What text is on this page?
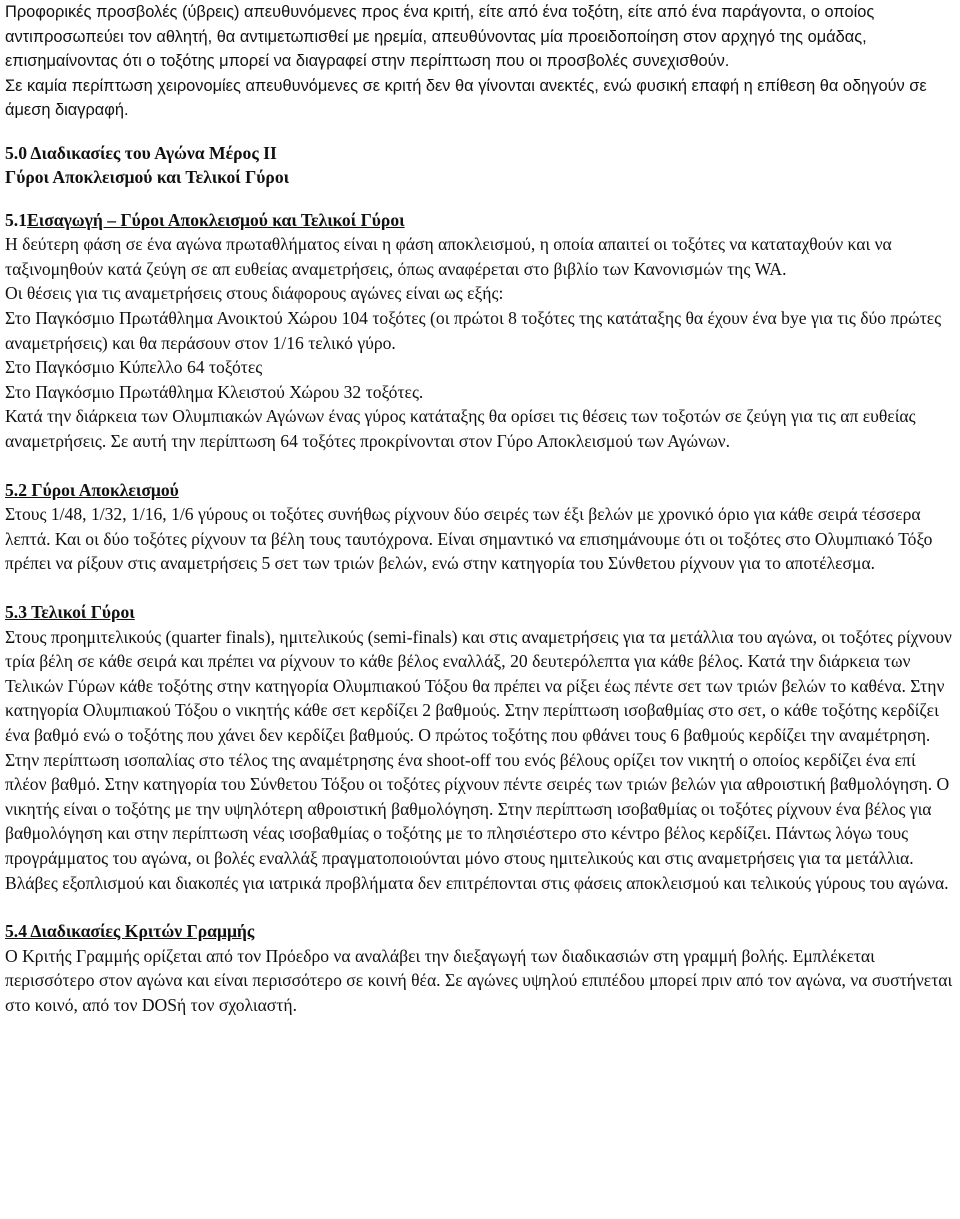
Προφορικές προσβολές (ύβρεις) απευθυνόμενες προς ένα κριτή, είτε από ένα τοξότη, είτε από ένα παράγοντα, ο οποίος αντιπροσωπεύει τον αθλητή, θα αντιμετωπισθεί με ηρεμία, απευθύνοντας μία προειδοποίηση στον αρχηγό της ομάδας, επισημαίνοντας ότι ο τοξότης μπορεί να διαγραφεί στην περίπτωση που οι προσβολές συνεχισθούν.

Σε καμία περίπτωση χειρονομίες απευθυνόμενες σε κριτή δεν θα γίνονται ανεκτές, ενώ φυσική επαφή η επίθεση θα οδηγούν σε άμεση διαγραφή.

5.0 Διαδικασίες του Αγώνα Μέρος ΙΙ

Γύροι Αποκλεισμού και Τελικοί Γύροι

5.1Εισαγωγή – Γύροι Αποκλεισμού και Τελικοί Γύροι

Η δεύτερη φάση σε ένα αγώνα πρωταθλήματος είναι η φάση αποκλεισμού, η οποία απαιτεί οι τοξότες να καταταχθούν και να ταξινομηθούν κατά ζεύγη σε απ ευθείας αναμετρήσεις, όπως αναφέρεται στο βιβλίο των Κανονισμών της WA.

Οι θέσεις για τις αναμετρήσεις στους διάφορους αγώνες είναι ως εξής:

Στο Παγκόσμιο Πρωτάθλημα Ανοικτού Χώρου 104 τοξότες (οι πρώτοι 8 τοξότες της κατάταξης θα έχουν ένα bye για τις δύο πρώτες αναμετρήσεις) και θα περάσουν στον 1/16 τελικό γύρο.

Στο Παγκόσμιο Κύπελλο 64 τοξότες

Στο Παγκόσμιο Πρωτάθλημα Κλειστού Χώρου 32 τοξότες.

Κατά την διάρκεια των Ολυμπιακών Αγώνων ένας γύρος κατάταξης θα ορίσει τις θέσεις των τοξοτών σε ζεύγη για τις απ ευθείας αναμετρήσεις. Σε αυτή την περίπτωση 64 τοξότες προκρίνονται στον Γύρο Αποκλεισμού των Αγώνων.

5.2 Γύροι Αποκλεισμού

Στους 1/48, 1/32, 1/16, 1/6 γύρους οι τοξότες συνήθως ρίχνουν δύο σειρές των έξι βελών με χρονικό όριο για κάθε σειρά τέσσερα λεπτά. Και οι δύο τοξότες ρίχνουν τα βέλη τους ταυτόχρονα. Είναι σημαντικό να επισημάνουμε ότι οι τοξότες στο Ολυμπιακό Τόξο πρέπει να ρίξουν στις αναμετρήσεις 5 σετ των τριών βελών, ενώ στην κατηγορία του Σύνθετου ρίχνουν για το αποτέλεσμα.

5.3 Τελικοί Γύροι

Στους προημιτελικούς (quarter finals), ημιτελικούς (semi-finals) και στις αναμετρήσεις για τα μετάλλια του αγώνα, οι τοξότες ρίχνουν τρία βέλη σε κάθε σειρά και πρέπει να ρίχνουν το κάθε βέλος εναλλάξ, 20 δευτερόλεπτα για κάθε βέλος. Κατά την διάρκεια των Τελικών Γύρων κάθε τοξότης στην κατηγορία Ολυμπιακού Τόξου θα πρέπει να ρίξει έως πέντε σετ των τριών βελών το καθένα. Στην κατηγορία Ολυμπιακού Τόξου ο νικητής κάθε σετ κερδίζει 2 βαθμούς. Στην περίπτωση ισοβαθμίας στο σετ, ο κάθε τοξότης κερδίζει ένα βαθμό ενώ ο τοξότης που χάνει δεν κερδίζει βαθμούς. Ο πρώτος τοξότης που φθάνει τους 6 βαθμούς κερδίζει την αναμέτρηση. Στην περίπτωση ισοπαλίας στο τέλος της αναμέτρησης ένα shoot-off του ενός βέλους ορίζει τον νικητή ο οποίος κερδίζει ένα επί πλέον βαθμό. Στην κατηγορία του Σύνθετου Τόξου οι τοξότες ρίχνουν πέντε σειρές των τριών βελών για αθροιστική βαθμολόγηση. Ο νικητής είναι ο τοξότης με την υψηλότερη αθροιστική βαθμολόγηση. Στην περίπτωση ισοβαθμίας οι τοξότες ρίχνουν ένα βέλος για βαθμολόγηση και στην περίπτωση νέας ισοβαθμίας ο τοξότης με το πλησιέστερο στο κέντρο βέλος κερδίζει. Πάντως λόγω τους προγράμματος του αγώνα, οι βολές εναλλάξ πραγματοποιούνται μόνο στους ημιτελικούς και στις αναμετρήσεις για τα μετάλλια.

Βλάβες εξοπλισμού και διακοπές για ιατρικά προβλήματα δεν επιτρέπονται στις φάσεις αποκλεισμού και τελικούς γύρους του αγώνα.

5.4 Διαδικασίες Κριτών Γραμμής

Ο Κριτής Γραμμής ορίζεται από τον Πρόεδρο να αναλάβει την διεξαγωγή των διαδικασιών στη γραμμή βολής. Εμπλέκεται περισσότερο στον αγώνα και είναι περισσότερο σε κοινή θέα. Σε αγώνες υψηλού επιπέδου μπορεί πριν από τον αγώνα, να συστήνεται στο κοινό, από τον DOSή τον σχολιαστή.
